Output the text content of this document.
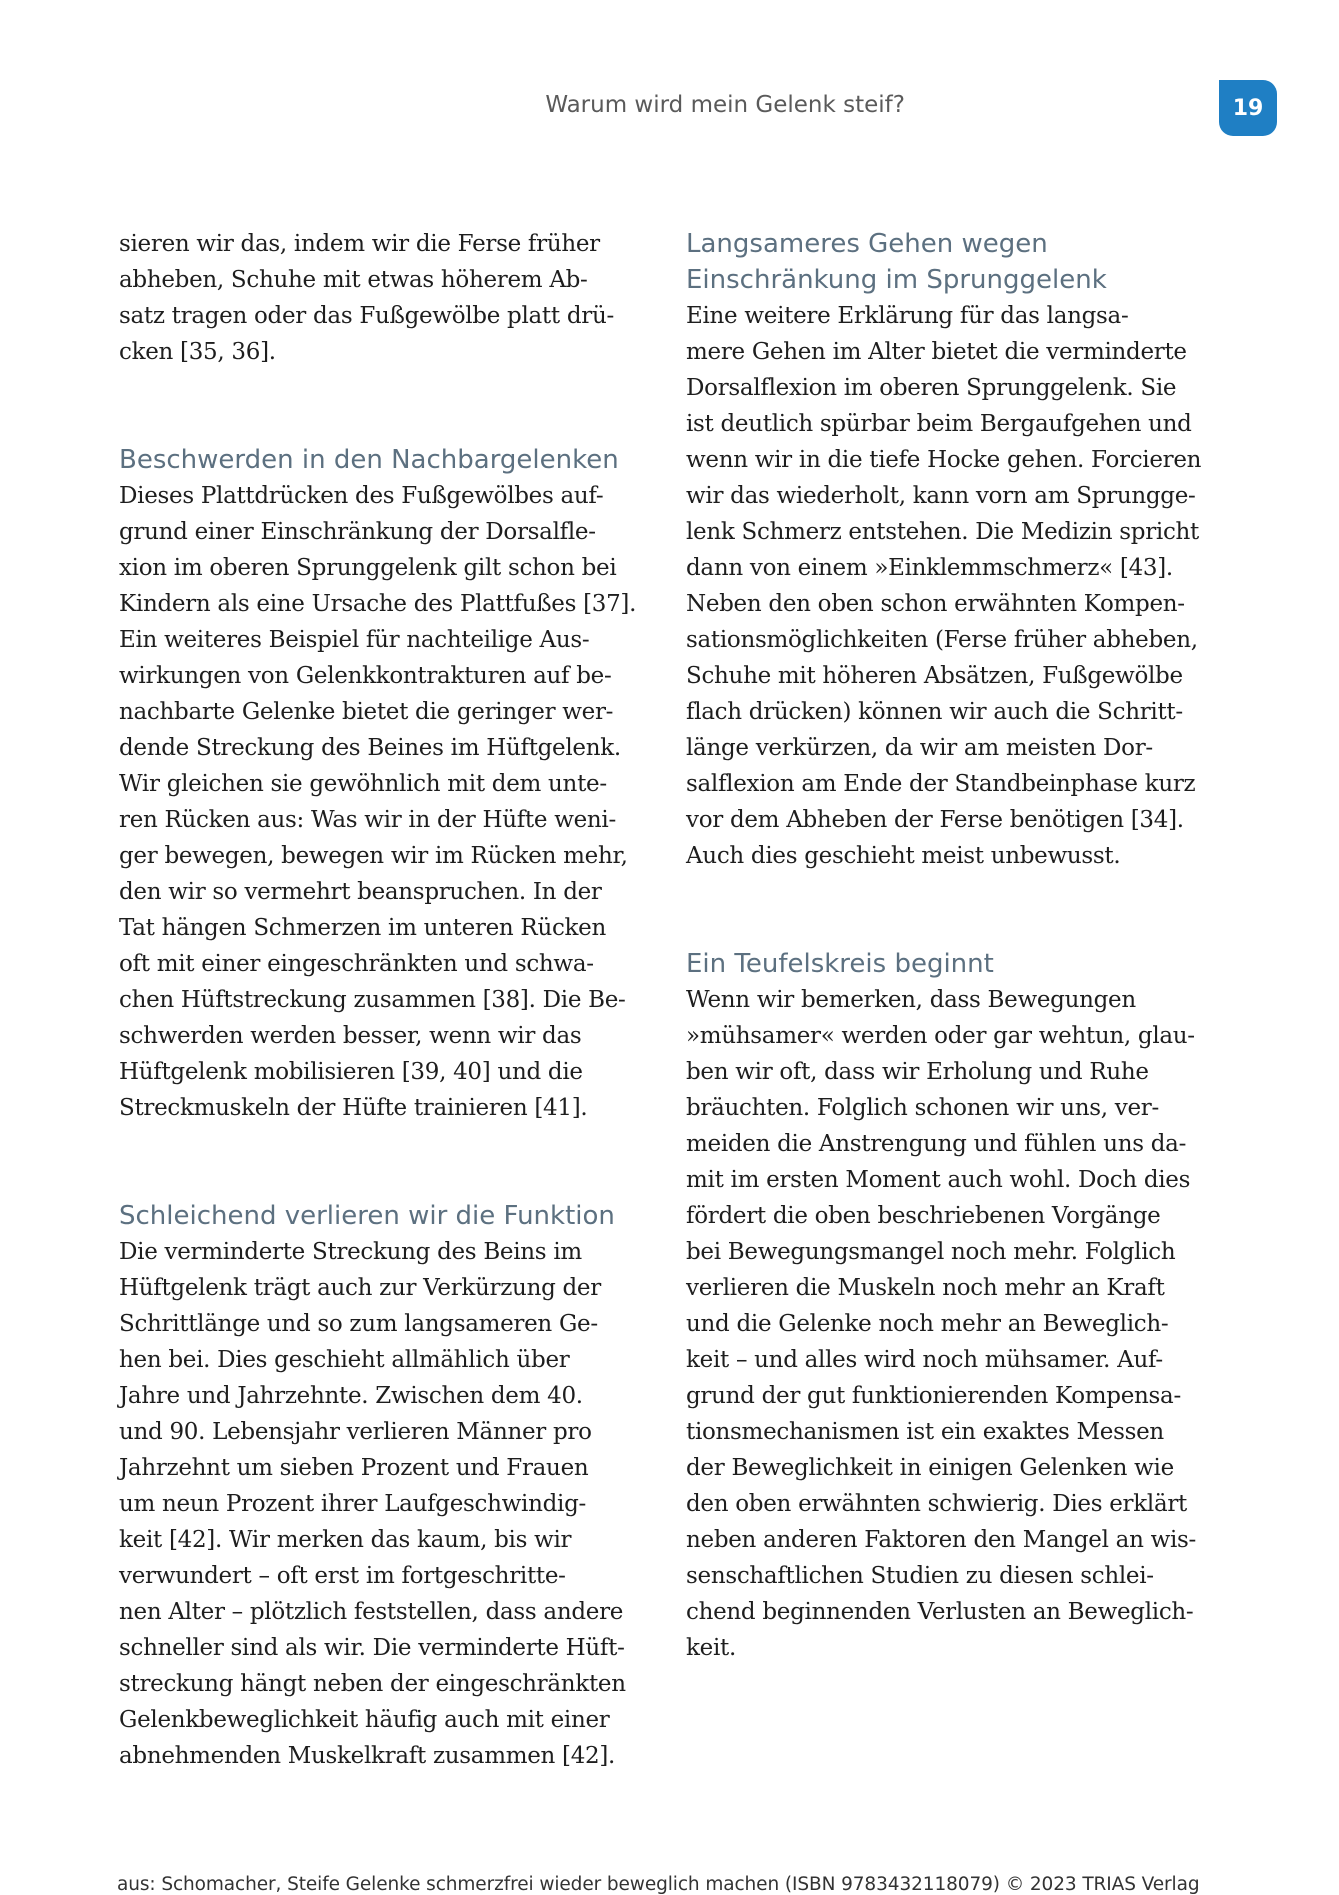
Warum wird mein Gelenk steif?	19

sieren wir das, indem wir die Ferse früher
abheben, Schuhe mit etwas höherem Ab-
satz tragen oder das Fußgewölbe platt drü-
cken [35, 36].

Beschwerden in den Nachbargelenken

Dieses Plattdrücken des Fußgewölbes auf-
grund einer Einschränkung der Dorsalfle-
xion im oberen Sprunggelenk gilt schon bei
Kindern als eine Ursache des Plattfußes [37].
Ein weiteres Beispiel für nachteilige Aus-
wirkungen von Gelenkkontrakturen auf be-
nachbarte Gelenke bietet die geringer wer-
dende Streckung des Beines im Hüftgelenk.
Wir gleichen sie gewöhnlich mit dem unte-
ren Rücken aus: Was wir in der Hüfte weni-
ger bewegen, bewegen wir im Rücken mehr,
den wir so vermehrt beanspruchen. In der
Tat hängen Schmerzen im unteren Rücken
oft mit einer eingeschränkten und schwa-
chen Hüftstreckung zusammen [38]. Die Be-
schwerden werden besser, wenn wir das
Hüftgelenk mobilisieren [39, 40] und die
Streckmuskeln der Hüfte trainieren [41].

Schleichend verlieren wir die Funktion

Die verminderte Streckung des Beins im
Hüftgelenk trägt auch zur Verkürzung der
Schrittlänge und so zum langsameren Ge-
hen bei. Dies geschieht allmählich über
Jahre und Jahrzehnte. Zwischen dem 40.
und 90. Lebensjahr verlieren Männer pro
Jahrzehnt um sieben Prozent und Frauen
um neun Prozent ihrer Laufgeschwindig-
keit [42]. Wir merken das kaum, bis wir
verwundert – oft erst im fortgeschritte-
nen Alter – plötzlich feststellen, dass andere
schneller sind als wir. Die verminderte Hüft-
streckung hängt neben der eingeschränkten
Gelenkbeweglichkeit häufig auch mit einer
abnehmenden Muskelkraft zusammen [42].

Langsameres Gehen wegen
Einschränkung im Sprunggelenk

Eine weitere Erklärung für das langsa-
mere Gehen im Alter bietet die verminderte
Dorsalflexion im oberen Sprunggelenk. Sie
ist deutlich spürbar beim Bergaufgehen und
wenn wir in die tiefe Hocke gehen. Forcieren
wir das wiederholt, kann vorn am Sprungge-
lenk Schmerz entstehen. Die Medizin spricht
dann von einem »Einklemmschmerz« [43].
Neben den oben schon erwähnten Kompen-
sationsmöglichkeiten (Ferse früher abheben,
Schuhe mit höheren Absätzen, Fußgewölbe
flach drücken) können wir auch die Schritt-
länge verkürzen, da wir am meisten Dor-
salflexion am Ende der Standbeinphase kurz
vor dem Abheben der Ferse benötigen [34].
Auch dies geschieht meist unbewusst.

Ein Teufelskreis beginnt

Wenn wir bemerken, dass Bewegungen
»mühsamer« werden oder gar wehtun, glau-
ben wir oft, dass wir Erholung und Ruhe
bräuchten. Folglich schonen wir uns, ver-
meiden die Anstrengung und fühlen uns da-
mit im ersten Moment auch wohl. Doch dies
fördert die oben beschriebenen Vorgänge
bei Bewegungsmangel noch mehr. Folglich
verlieren die Muskeln noch mehr an Kraft
und die Gelenke noch mehr an Beweglich-
keit – und alles wird noch mühsamer. Auf-
grund der gut funktionierenden Kompensa-
tionsmechanismen ist ein exaktes Messen
der Beweglichkeit in einigen Gelenken wie
den oben erwähnten schwierig. Dies erklärt
neben anderen Faktoren den Mangel an wis-
senschaftlichen Studien zu diesen schlei-
chend beginnenden Verlusten an Beweglich-
keit.

aus: Schomacher, Steife Gelenke schmerzfrei wieder beweglich machen (ISBN 9783432118079) © 2023 TRIAS Verlag
